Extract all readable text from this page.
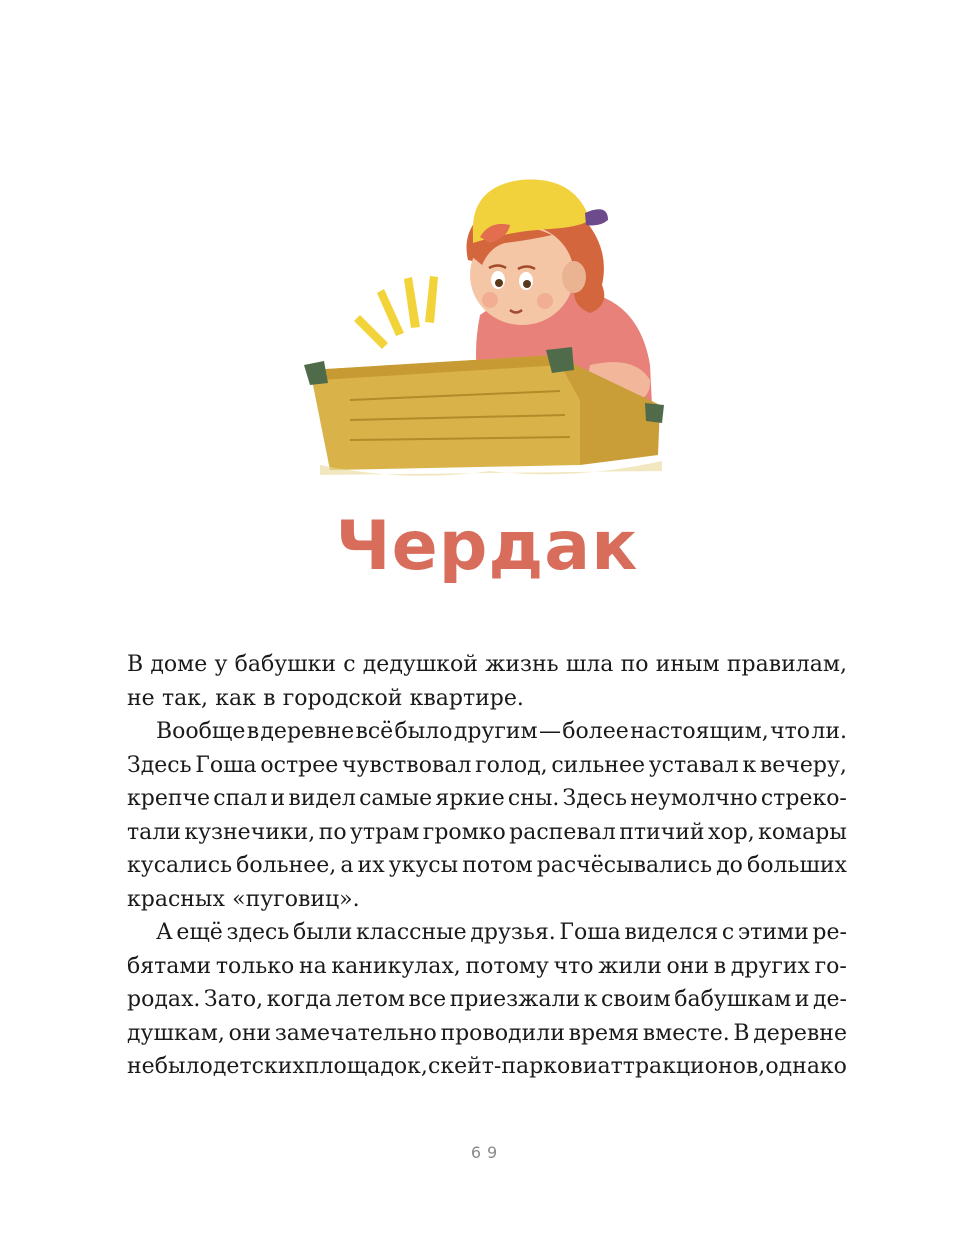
Чердак
В доме у бабушки с дедушкой жизнь шла по иным правилам,
не так, как в городской квартире.
Вообще в деревне всё было другим — более настоящим, что ли.
Здесь Гоша острее чувствовал голод, сильнее уставал к вечеру,
крепче спал и видел самые яркие сны. Здесь неумолчно стреко-
тали кузнечики, по утрам громко распевал птичий хор, комары
кусались больнее, а их укусы потом расчёсывались до больших
красных «пуговиц».
А ещё здесь были классные друзья. Гоша виделся с этими ре-
бятами только на каникулах, потому что жили они в других го-
родах. Зато, когда летом все приезжали к своим бабушкам и де-
душкам, они замечательно проводили время вместе. В деревне
не было детских площадок, скейт-парков и аттракционов, однако
69
